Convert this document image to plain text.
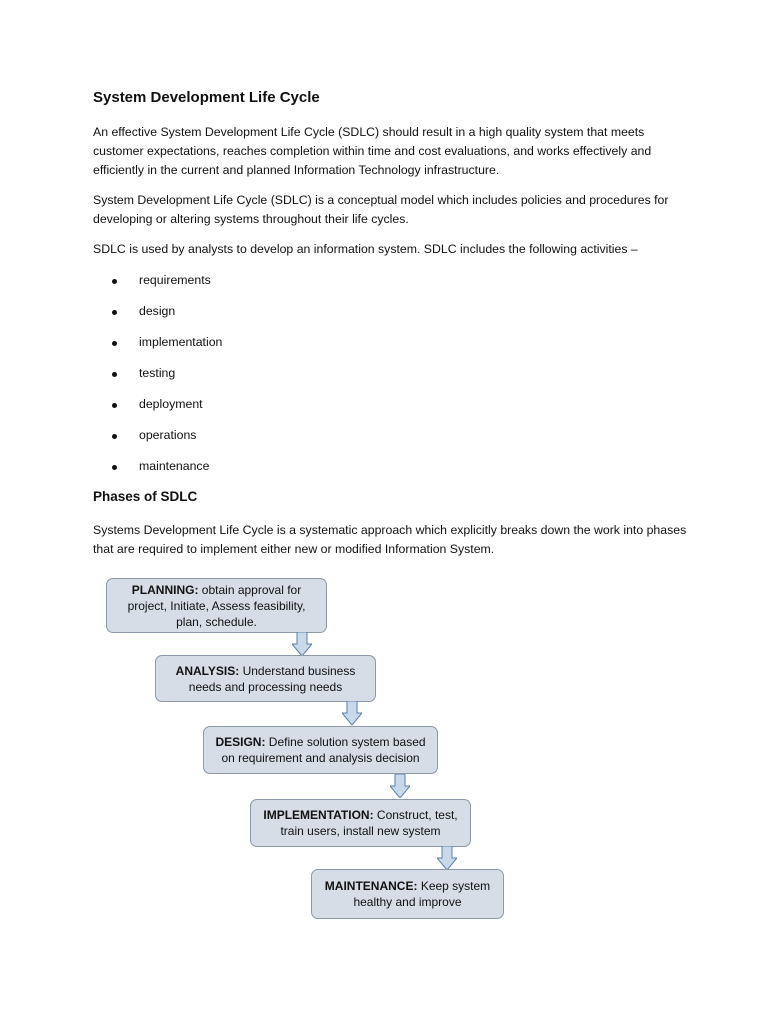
System Development Life Cycle

An effective System Development Life Cycle (SDLC) should result in a high quality system that meets customer expectations, reaches completion within time and cost evaluations, and works effectively and efficiently in the current and planned Information Technology infrastructure.

System Development Life Cycle (SDLC) is a conceptual model which includes policies and procedures for developing or altering systems throughout their life cycles.

SDLC is used by analysts to develop an information system. SDLC includes the following activities –

requirements
design
implementation
testing
deployment
operations
maintenance
Phases of SDLC

Systems Development Life Cycle is a systematic approach which explicitly breaks down the work into phases that are required to implement either new or modified Information System.

PLANNING: obtain approval for project, Initiate, Assess feasibility, plan, schedule.
ANALYSIS: Understand business needs and processing needs
DESIGN: Define solution system based on requirement and analysis decision
IMPLEMENTATION: Construct, test, train users, install new system
MAINTENANCE: Keep system healthy and improve
